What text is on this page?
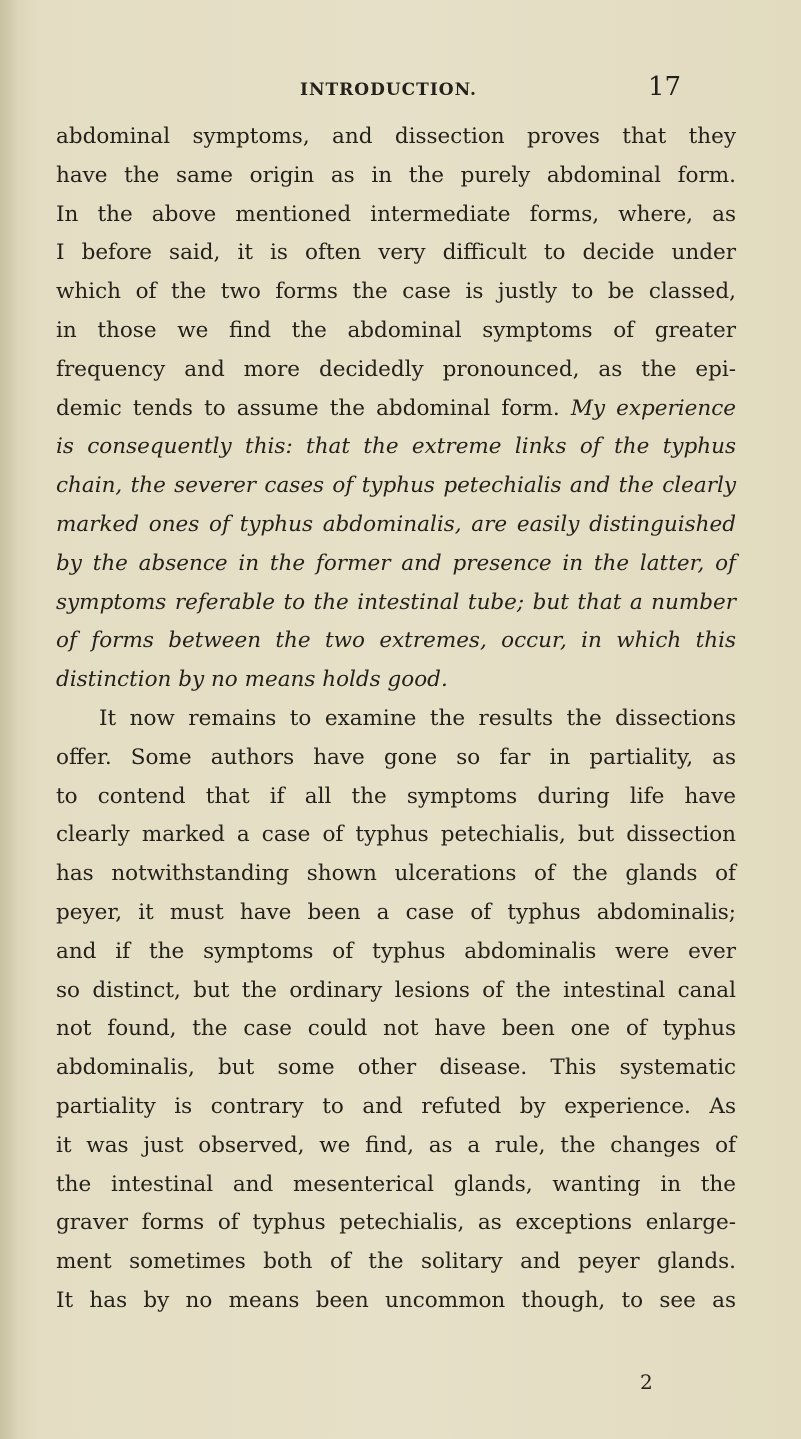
INTRODUCTION.	17
abdominal symptoms, and dissection proves that they
have the same origin as in the purely abdominal form.
In the above mentioned intermediate forms, where, as
I before said, it is often very difficult to decide under
which of the two forms the case is justly to be classed,
in those we find the abdominal symptoms of greater
frequency and more decidedly pronounced, as the epi-
demic tends to assume the abdominal form. My experience
is consequently this: that the extreme links of the typhus
chain, the severer cases of typhus petechialis and the clearly
marked ones of typhus abdominalis, are easily distinguished
by the absence in the former and presence in the latter, of
symptoms referable to the intestinal tube; but that a number
of forms between the two extremes, occur, in which this
distinction by no means holds good.
It now remains to examine the results the dissections
offer. Some authors have gone so far in partiality, as
to contend that if all the symptoms during life have
clearly marked a case of typhus petechialis, but dissection
has notwithstanding shown ulcerations of the glands of
peyer, it must have been a case of typhus abdominalis;
and if the symptoms of typhus abdominalis were ever
so distinct, but the ordinary lesions of the intestinal canal
not found, the case could not have been one of typhus
abdominalis, but some other disease. This systematic
partiality is contrary to and refuted by experience. As
it was just observed, we find, as a rule, the changes of
the intestinal and mesenterical glands, wanting in the
graver forms of typhus petechialis, as exceptions enlarge-
ment sometimes both of the solitary and peyer glands.
It has by no means been uncommon though, to see as
2
